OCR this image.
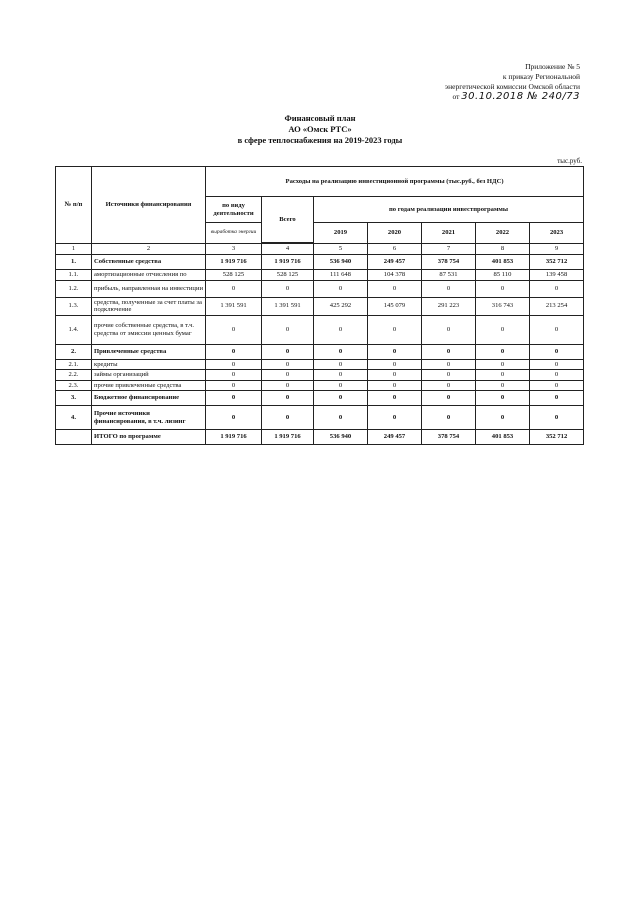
Приложение № 5
к приказу Региональной
энергетической комиссии Омской области
от 30.10.2018 № 240/73
Финансовый план
АО «Омск РТС»
в сфере теплоснабжения на 2019-2023 годы
тыс.руб.
№ п/п	Источники финансирования	Расходы на реализацию инвестиционной программы (тыс.руб., без НДС)						
		по виду деятельности	Всего	по годам реализации инвестпрограммы				
		выработка энергии		2019	2020	2021	2022	2023

1	2	3	4	5	6	7	8	9
1.	Собственные средства	1 919 716	1 919 716	536 940	249 457	378 754	401 853	352 712
1.1.	амортизационные отчисления по	528 125	528 125	111 648	104 378	87 531	85 110	139 458
1.2.	прибыль, направленная на инвестиции	0	0	0	0	0	0	0
1.3.	средства, полученные за счет платы за подключение	1 391 591	1 391 591	425 292	145 079	291 223	316 743	213 254
1.4.	прочие собственные средства, в т.ч. средства от эмиссии ценных бумаг	0	0	0	0	0	0	0
2.	Привлеченные средства	0	0	0	0	0	0	0
2.1.	кредиты	0	0	0	0	0	0	0
2.2.	займы организаций	0	0	0	0	0	0	0
2.3.	прочие привлеченные средства	0	0	0	0	0	0	0
3.	Бюджетное финансирование	0	0	0	0	0	0	0
4.	Прочие источники финансирования, в т.ч. лизинг	0	0	0	0	0	0	0
	ИТОГО по программе	1 919 716	1 919 716	536 940	249 457	378 754	401 853	352 712
